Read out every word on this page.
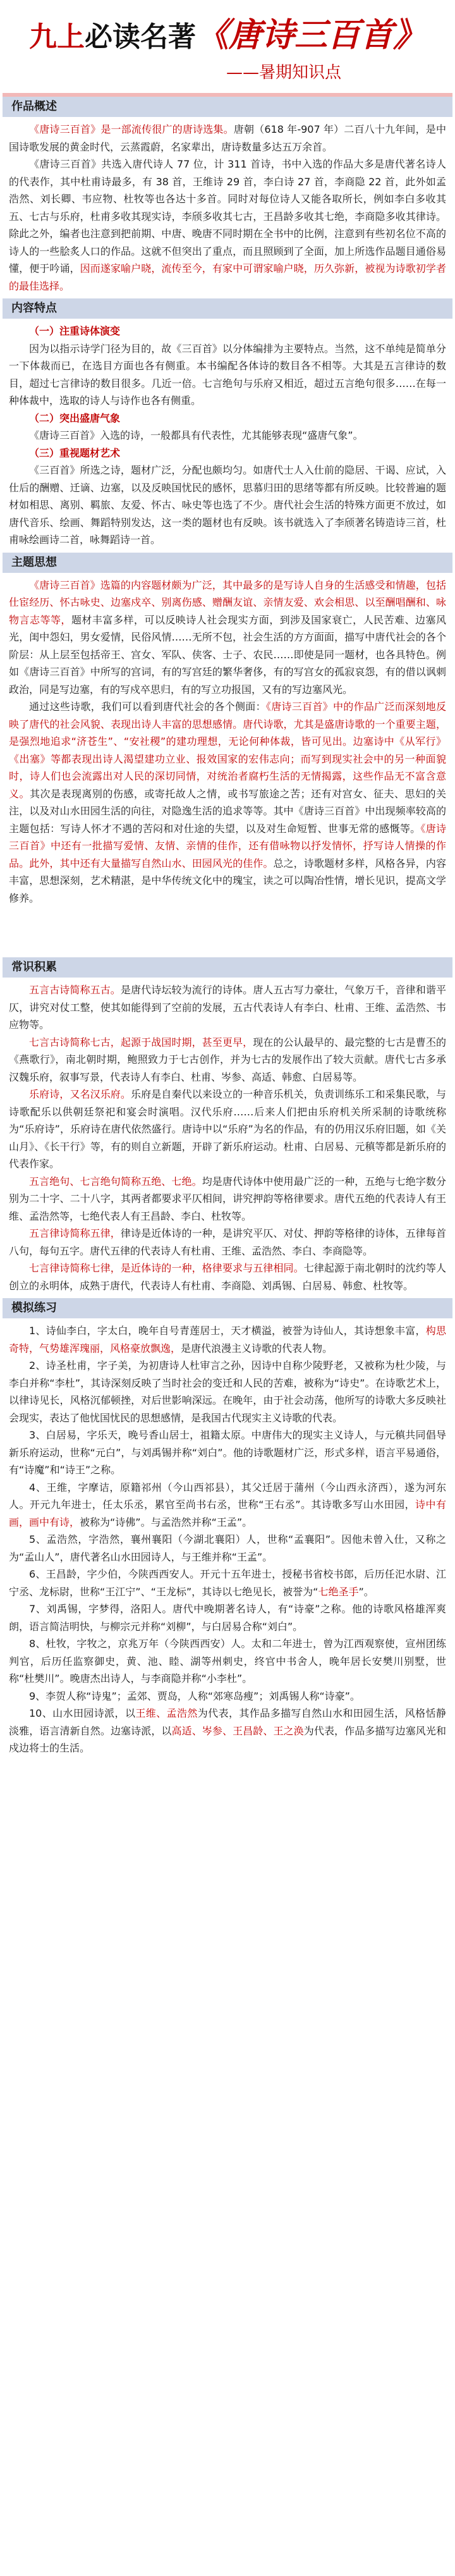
九上必读名著《唐诗三百首》
——暑期知识点
作品概述

《唐诗三百首》是一部流传很广的唐诗选集。唐朝（618 年-907 年）二百八十九年间，是中国诗歌发展的黄金时代，云蒸霞蔚，名家辈出，唐诗数量多达五万余首。

《唐诗三百首》共选入唐代诗人 77 位，计 311 首诗，书中入选的作品大多是唐代著名诗人的代表作，其中杜甫诗最多，有 38 首，王维诗 29 首，李白诗 27 首，李商隐 22 首，此外如孟浩然、刘长卿、韦应物、杜牧等也各达十多首。同时对每位诗人又能各取所长，例如李白多收其五、七古与乐府，杜甫多收其现实诗，李颀多收其七古，王昌龄多收其七绝，李商隐多收其律诗。除此之外，编者也注意到把前期、中唐、晚唐不同时期在全书中的比例，注意到有些初名位不高的诗人的一些脍炙人口的作品。这就不但突出了重点，而且照顾到了全面，加上所选作品题目通俗易懂，便于吟诵，因而遂家喻户晓，流传至今，有家中可谓家喻户晓，历久弥新，被视为诗歌初学者的最佳选择。

内容特点
（一）注重诗体演变

因为以指示诗学门径为目的，故《三百首》以分体编排为主要特点。当然，这不单纯是简单分一下体裁而已，在选目方面也各有侧重。本书编配各体诗的数目各不相等。大其是五言律诗的数目，超过七言律诗的数目很多。几近一倍。七言绝句与乐府又相近，超过五言绝句很多……在每一种体裁中，选取的诗人与诗作也各有侧重。

（二）突出盛唐气象

《唐诗三百首》入选的诗，一般都具有代表性，尤其能够表现“盛唐气象”。

（三）重视题材艺术

《三百首》所选之诗，题材广泛，分配也颇均匀。如唐代士人入仕前的隐居、干谒、应试，入仕后的酬赠、迁谪、边塞，以及反映国忧民的感怀，思慕归田的思绪等都有所反映。比较普遍的题材如相思、离别、羁旅、友爱、怀古、咏史等也选了不少。唐代社会生活的特殊方面更不放过，如唐代音乐、绘画、舞蹈特别发达，这一类的题材也有反映。该书就选入了李颀著名铸造诗三首，杜甫咏绘画诗二首，咏舞蹈诗一首。

主题思想

《唐诗三百首》选篇的内容题材颇为广泛，其中最多的是写诗人自身的生活感受和情趣，包括仕宦经历、怀古咏史、边塞戍卒、别离伤感、赠酬友谊、亲情友爱、欢会相思、以至酬唱酬和、咏物言志等等，题材丰富多样，可以反映诗人社会现实方面，到涉及国家衰亡，人民苦难、边塞风光，闺中怨妇，男女爱情，民俗风情……无所不包，社会生活的方方面面，描写中唐代社会的各个阶层：从上层至包括帝王、宫女、军队、侠客、士子、农民……即使是同一题材，也各具特色。例如《唐诗三百首》中所写的宫词，有的写宫廷的繁华奢侈，有的写宫女的孤寂哀怨，有的借以讽刺政治，同是写边塞，有的写戍卒思归，有的写立功报国，又有的写边塞风光。

通过这些诗歌，我们可以看到唐代社会的各个侧面：《唐诗三百首》中的作品广泛而深刻地反映了唐代的社会风貌、表现出诗人丰富的思想感情。唐代诗歌，尤其是盛唐诗歌的一个重要主题，是强烈地追求“济苍生”、“安社稷”的建功理想，无论何种体裁，皆可见出。边塞诗中《从军行》《出塞》等都表现出诗人渴望建功立业、报效国家的宏伟志向；而写到现实社会中的另一种面貌时，诗人们也会流露出对人民的深切同情，对统治者腐朽生活的无情揭露，这些作品无不富含意义。其次是表现离别的伤感，或寄托故人之情，或书写旅途之苦；还有对宫女、征夫、思妇的关注，以及对山水田园生活的向往，对隐逸生活的追求等等。其中《唐诗三百首》中出现频率较高的主题包括：写诗人怀才不遇的苦闷和对仕途的失望，以及对生命短暂、世事无常的感慨等。《唐诗三百首》中还有一批描写爱情、友情、亲情的佳作，还有借咏物以抒发情怀，抒写诗人情操的作品。此外，其中还有大量描写自然山水、田园风光的佳作。总之，诗歌题材多样，风格各异，内容丰富，思想深刻，艺术精湛，是中华传统文化中的瑰宝，读之可以陶冶性情，增长见识，提高文学修养。

常识积累

五言古诗简称五古。是唐代诗坛较为流行的诗体。唐人五古写力豪壮，气象万千，音律和谐平仄，讲究对仗工整，使其如能得到了空前的发展，五古代表诗人有李白、杜甫、王维、孟浩然、韦应物等。

七言古诗简称七古，起源于战国时期，甚至更早，现在的公认最早的、最完整的七古是曹丕的《燕歌行》，南北朝时期，鲍照致力于七古创作，并为七古的发展作出了较大贡献。唐代七古多承汉魏乐府，叙事写景，代表诗人有李白、杜甫、岑参、高适、韩愈、白居易等。

乐府诗，又名汉乐府。乐府是自秦代以来设立的一种音乐机关，负责训练乐工和采集民歌，与诗歌配乐以供朝廷祭祀和宴会时演唱。汉代乐府……后来人们把由乐府机关所采制的诗歌统称为“乐府诗”，乐府诗在唐代依然盛行。唐诗中以“乐府”为名的作品，有的仍用汉乐府旧题，如《关山月》、《长干行》等，有的则自立新题，开辟了新乐府运动。杜甫、白居易、元稹等都是新乐府的代表作家。

五言绝句、七言绝句简称五绝、七绝。均是唐代诗体中使用最广泛的一种，五绝与七绝字数分别为二十字、二十八字，其两者都要求平仄相间，讲究押韵等格律要求。唐代五绝的代表诗人有王维、孟浩然等，七绝代表人有王昌龄、李白、杜牧等。

五言律诗简称五律，律诗是近体诗的一种，是讲究平仄、对仗、押韵等格律的诗体，五律每首八句，每句五字。唐代五律的代表诗人有杜甫、王维、孟浩然、李白、李商隐等。

七言律诗简称七律，是近体诗的一种，格律要求与五律相同。七律起源于南北朝时的沈约等人创立的永明体，成熟于唐代，代表诗人有杜甫、李商隐、刘禹锡、白居易、韩愈、杜牧等。

模拟练习

1、诗仙李白，字太白，晚年自号青莲居士，天才横溢，被誉为诗仙人，其诗想象丰富，构思奇特，气势雄浑瑰丽，风格豪放飘逸，是唐代浪漫主义诗歌的代表人物。

2、诗圣杜甫，字子美，为初唐诗人杜审言之孙，因诗中自称少陵野老，又被称为杜少陵，与李白并称“李杜”，其诗深刻反映了当时社会的变迁和人民的苦难，被称为“诗史”。在诗歌艺术上，以律诗见长，风格沉郁顿挫，对后世影响深远。在晚年，由于社会动荡，他所写的诗歌大多反映社会现实，表达了他忧国忧民的思想感情，是我国古代现实主义诗歌的代表。

3、白居易，字乐天，晚号香山居士，祖籍太原。中唐伟大的现实主义诗人，与元稹共同倡导新乐府运动，世称“元白”，与刘禹锡并称“刘白”。他的诗歌题材广泛，形式多样，语言平易通俗，有“诗魔”和“诗王”之称。

4、王维，字摩诘，原籍祁州（今山西祁县），其父迁居于蒲州（今山西永济西），遂为河东人。开元九年进士，任太乐丞，累官至尚书右丞，世称“王右丞”。其诗歌多写山水田园，诗中有画，画中有诗，被称为“诗佛”。与孟浩然并称“王孟”。

5、孟浩然，字浩然，襄州襄阳（今湖北襄阳）人，世称“孟襄阳”。因他未曾入仕，又称之为“孟山人”，唐代著名山水田园诗人，与王维并称“王孟”。

6、王昌龄，字少伯，今陕西西安人。开元十五年进士，授秘书省校书郎，后历任汜水尉、江宁丞、龙标尉，世称“王江宁”、“王龙标”，其诗以七绝见长，被誉为“七绝圣手”。

7、刘禹锡，字梦得，洛阳人。唐代中晚期著名诗人，有“诗豪”之称。他的诗歌风格雄浑爽朗，语言简洁明快，与柳宗元并称“刘柳”，与白居易合称“刘白”。

8、杜牧，字牧之，京兆万年（今陕西西安）人。太和二年进士，曾为江西观察使，宣州团练判官，后历任监察御史，黄、池、睦、湖等州刺史，终官中书舍人，晚年居长安樊川别墅，世称“杜樊川”。晚唐杰出诗人，与李商隐并称“小李杜”。

9、李贺人称“诗鬼”；孟郊、贾岛，人称“郊寒岛瘦”；刘禹锡人称“诗豪”。

10、山水田园诗派，以王维、孟浩然为代表，其作品多描写自然山水和田园生活，风格恬静淡雅，语言清新自然。边塞诗派，以高适、岑参、王昌龄、王之涣为代表，作品多描写边塞风光和戍边将士的生活。
